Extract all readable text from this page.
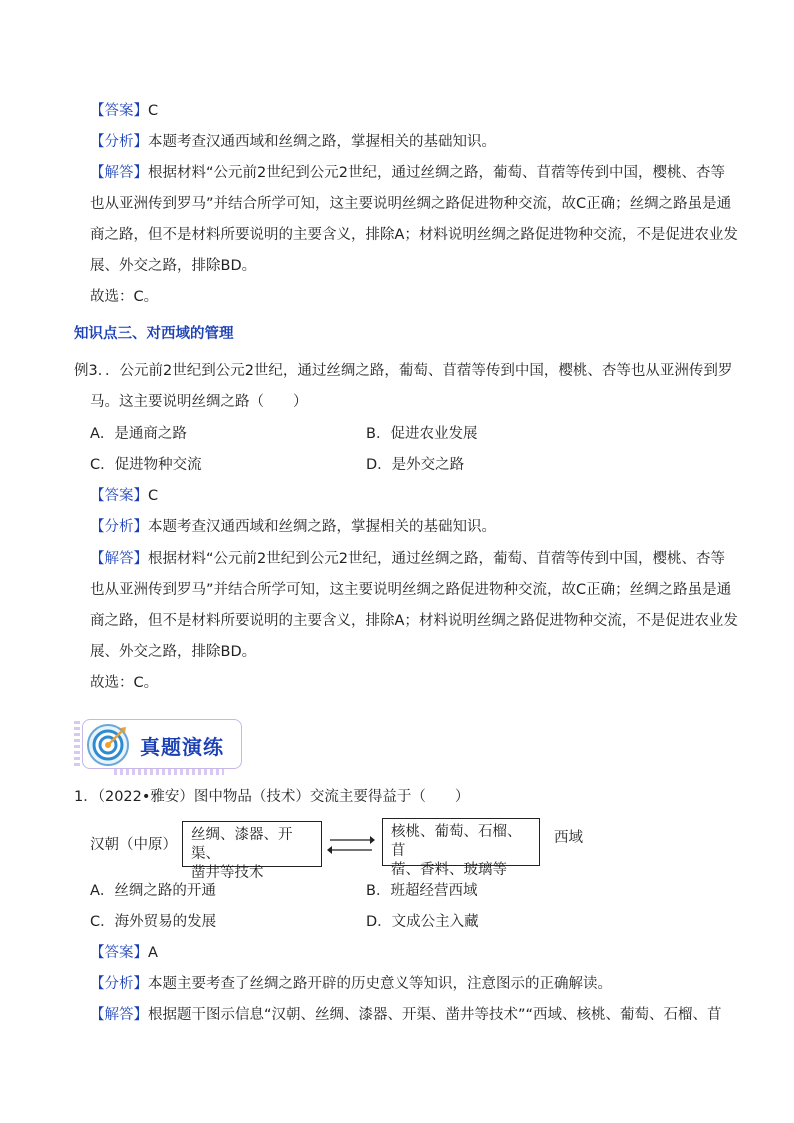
【答案】C
【分析】本题考查汉通西域和丝绸之路，掌握相关的基础知识。
【解答】根据材料“公元前2世纪到公元2世纪，通过丝绸之路，葡萄、苜蓿等传到中国，樱桃、杏等
也从亚洲传到罗马”并结合所学可知，这主要说明丝绸之路促进物种交流，故C正确；丝绸之路虽是通
商之路，但不是材料所要说明的主要含义，排除A；材料说明丝绸之路促进物种交流，不是促进农业发
展、外交之路，排除BD。
故选：C。
知识点三、对西域的管理
例3．．公元前2世纪到公元2世纪，通过丝绸之路，葡萄、苜蓿等传到中国，樱桃、杏等也从亚洲传到罗
马。这主要说明丝绸之路（　　）
A．是通商之路	B．促进农业发展
C．促进物种交流	D．是外交之路
【答案】C
【分析】本题考查汉通西域和丝绸之路，掌握相关的基础知识。
【解答】根据材料“公元前2世纪到公元2世纪，通过丝绸之路，葡萄、苜蓿等传到中国，樱桃、杏等
也从亚洲传到罗马”并结合所学可知，这主要说明丝绸之路促进物种交流，故C正确；丝绸之路虽是通
商之路，但不是材料所要说明的主要含义，排除A；材料说明丝绸之路促进物种交流，不是促进农业发
展、外交之路，排除BD。
故选：C。
真题演练
1．（2022•雅安）图中物品（技术）交流主要得益于（　　）
汉朝（中原）
丝绸、漆器、开渠、
凿井等技术
核桃、葡萄、石榴、苜
蓿、香料、玻璃等
西域
A．丝绸之路的开通	B．班超经营西域
C．海外贸易的发展	D．文成公主入藏
【答案】A
【分析】本题主要考查了丝绸之路开辟的历史意义等知识，注意图示的正确解读。
【解答】根据题干图示信息“汉朝、丝绸、漆器、开渠、凿井等技术”“西域、核桃、葡萄、石榴、苜
